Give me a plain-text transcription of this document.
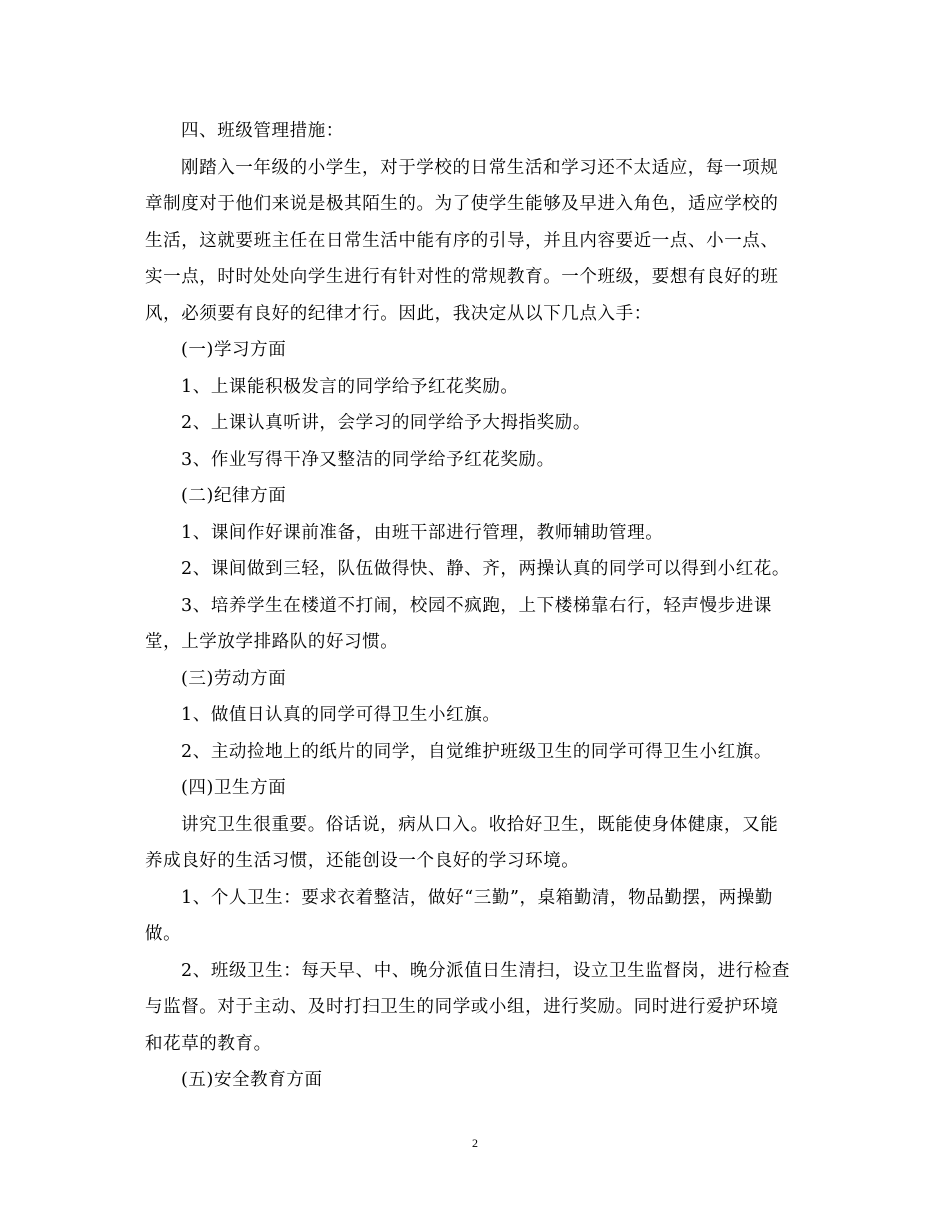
四、班级管理措施：
刚踏入一年级的小学生，对于学校的日常生活和学习还不太适应，每一项规
章制度对于他们来说是极其陌生的。为了使学生能够及早进入角色，适应学校的
生活，这就要班主任在日常生活中能有序的引导，并且内容要近一点、小一点、
实一点，时时处处向学生进行有针对性的常规教育。一个班级，要想有良好的班
风，必须要有良好的纪律才行。因此，我决定从以下几点入手：
(一)学习方面
1、上课能积极发言的同学给予红花奖励。
2、上课认真听讲，会学习的同学给予大拇指奖励。
3、作业写得干净又整洁的同学给予红花奖励。
(二)纪律方面
1、课间作好课前准备，由班干部进行管理，教师辅助管理。
2、课间做到三轻，队伍做得快、静、齐，两操认真的同学可以得到小红花。
3、培养学生在楼道不打闹，校园不疯跑，上下楼梯靠右行，轻声慢步进课
堂，上学放学排路队的好习惯。
(三)劳动方面
1、做值日认真的同学可得卫生小红旗。
2、主动捡地上的纸片的同学，自觉维护班级卫生的同学可得卫生小红旗。
(四)卫生方面
讲究卫生很重要。俗话说，病从口入。收拾好卫生，既能使身体健康，又能
养成良好的生活习惯，还能创设一个良好的学习环境。
1、个人卫生：要求衣着整洁，做好“三勤”，桌箱勤清，物品勤摆，两操勤
做。
2、班级卫生：每天早、中、晚分派值日生清扫，设立卫生监督岗，进行检查
与监督。对于主动、及时打扫卫生的同学或小组，进行奖励。同时进行爱护环境
和花草的教育。
(五)安全教育方面
2
